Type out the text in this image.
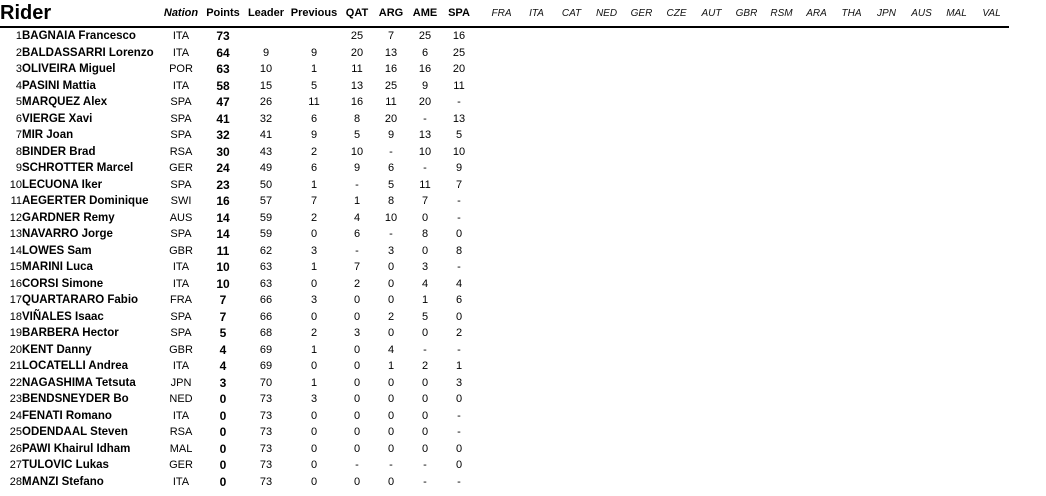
Rider		Nation	Points	Leader	Previous	QAT	ARG	AME	SPA		FRA	ITA	CAT	NED	GER	CZE	AUT	GBR	RSM	ARA	THA	JPN	AUS	MAL	VAL
1	BAGNAIA Francesco	ITA	73			25	7	25	16																
2	BALDASSARRI Lorenzo	ITA	64	9	9	20	13	6	25																
3	OLIVEIRA Miguel	POR	63	10	1	11	16	16	20																
4	PASINI Mattia	ITA	58	15	5	13	25	9	11																
5	MARQUEZ Alex	SPA	47	26	11	16	11	20	-																
6	VIERGE Xavi	SPA	41	32	6	8	20	-	13																
7	MIR Joan	SPA	32	41	9	5	9	13	5																
8	BINDER Brad	RSA	30	43	2	10	-	10	10																
9	SCHROTTER Marcel	GER	24	49	6	9	6	-	9																
10	LECUONA Iker	SPA	23	50	1	-	5	11	7																
11	AEGERTER Dominique	SWI	16	57	7	1	8	7	-																
12	GARDNER Remy	AUS	14	59	2	4	10	0	-																
13	NAVARRO Jorge	SPA	14	59	0	6	-	8	0																
14	LOWES Sam	GBR	11	62	3	-	3	0	8																
15	MARINI Luca	ITA	10	63	1	7	0	3	-																
16	CORSI Simone	ITA	10	63	0	2	0	4	4																
17	QUARTARARO Fabio	FRA	7	66	3	0	0	1	6																
18	VIÑALES Isaac	SPA	7	66	0	0	2	5	0																
19	BARBERA Hector	SPA	5	68	2	3	0	0	2																
20	KENT Danny	GBR	4	69	1	0	4	-	-																
21	LOCATELLI Andrea	ITA	4	69	0	0	1	2	1																
22	NAGASHIMA Tetsuta	JPN	3	70	1	0	0	0	3																
23	BENDSNEYDER Bo	NED	0	73	3	0	0	0	0																
24	FENATI Romano	ITA	0	73	0	0	0	0	-																
25	ODENDAAL Steven	RSA	0	73	0	0	0	0	-																
26	PAWI Khairul Idham	MAL	0	73	0	0	0	0	0																
27	TULOVIC Lukas	GER	0	73	0	-	-	-	0																
28	MANZI Stefano	ITA	0	73	0	0	0	-	-																
